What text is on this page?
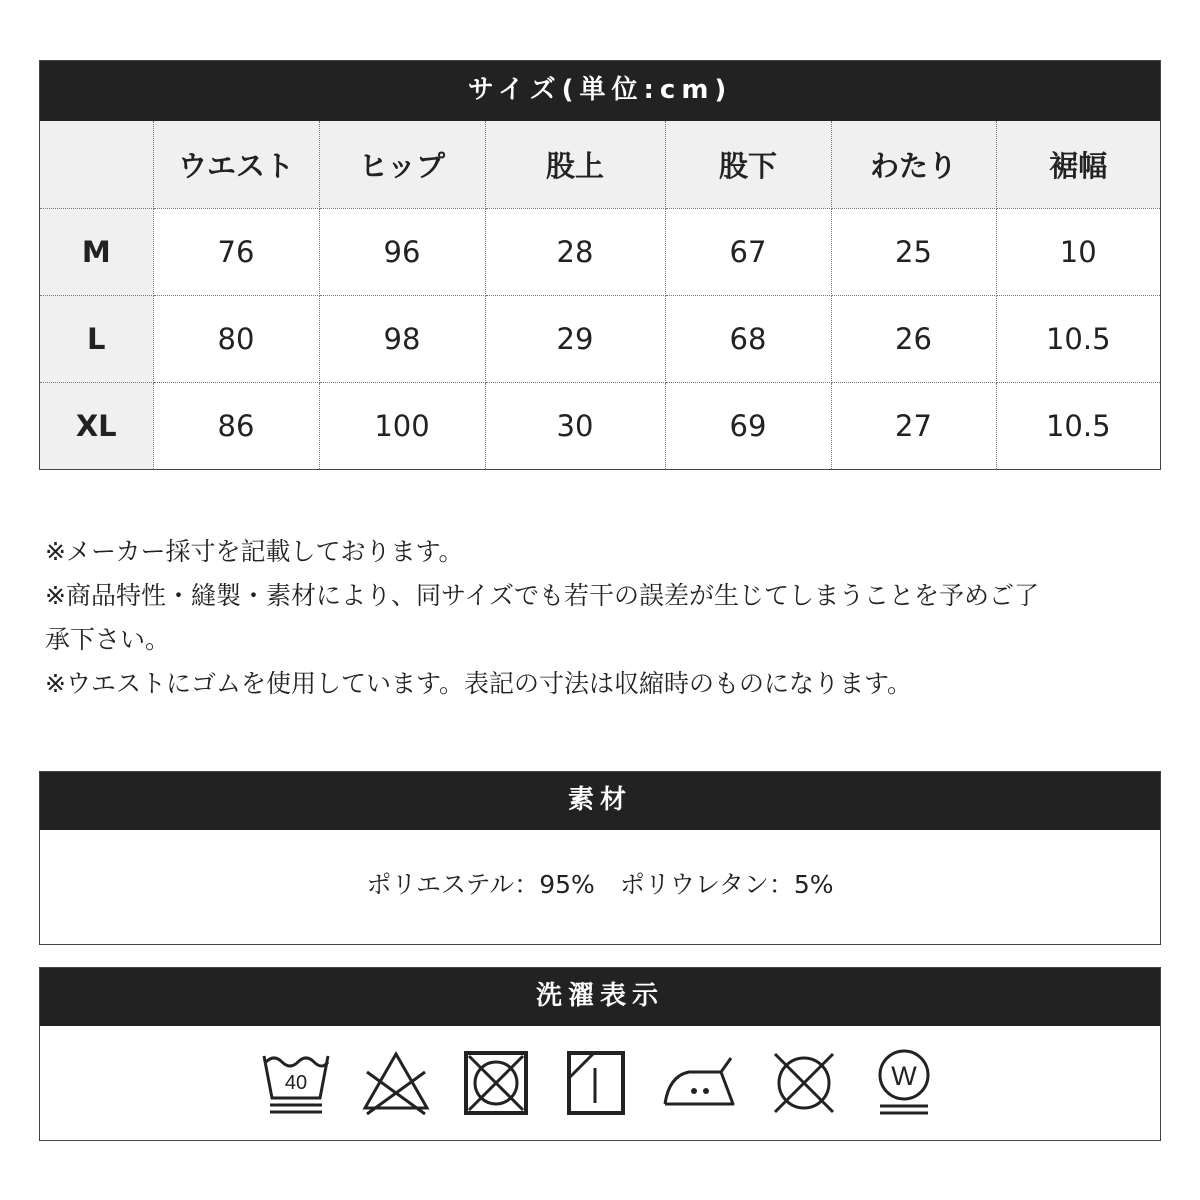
サイズ(単位:cm)
	ウエスト	ヒップ	股上	股下	わたり	裾幅
M	76	96	28	67	25	10
L	80	98	29	68	26	10.5
XL	86	100	30	69	27	10.5

※メーカー採寸を記載しております。

※商品特性・縫製・素材により、同サイズでも若干の誤差が生じてしまうことを予めご了

承下さい。

※ウエストにゴムを使用しています。表記の寸法は収縮時のものになります。

素材
ポリエステル：95%　ポリウレタン：5%
洗濯表示
40	W
